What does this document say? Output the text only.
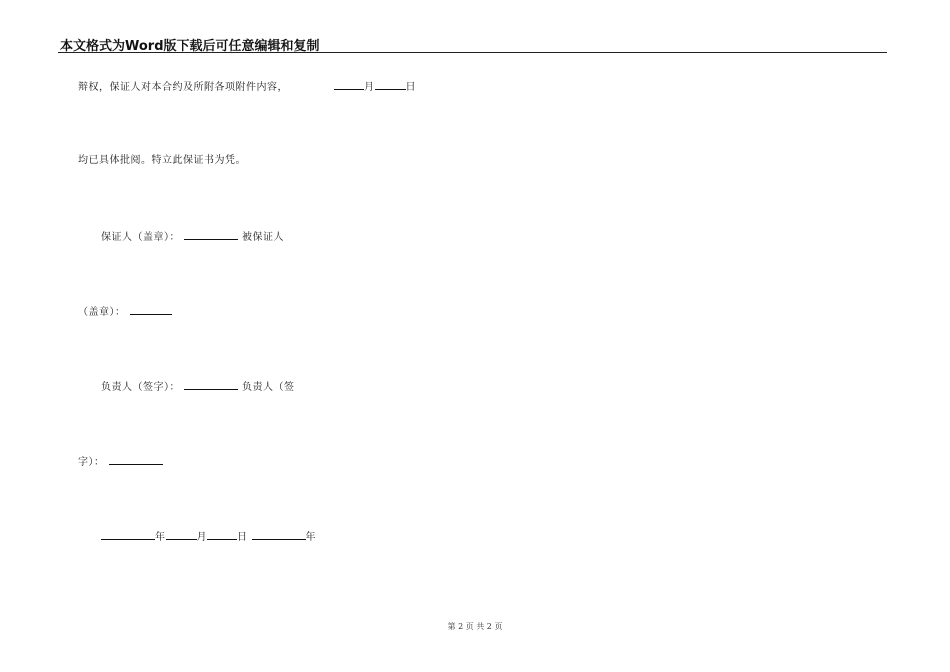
本文格式为Word版下载后可任意编辑和复制
辩权，保证人对本合约及所附各项附件内容，	月	日
均已具体批阅。特立此保证书为凭。
保证人（盖章）：	被保证人
（盖章）：
负责人（签字）：	负责人（签
字）：
年	月	日	年
第 2 页 共 2 页
